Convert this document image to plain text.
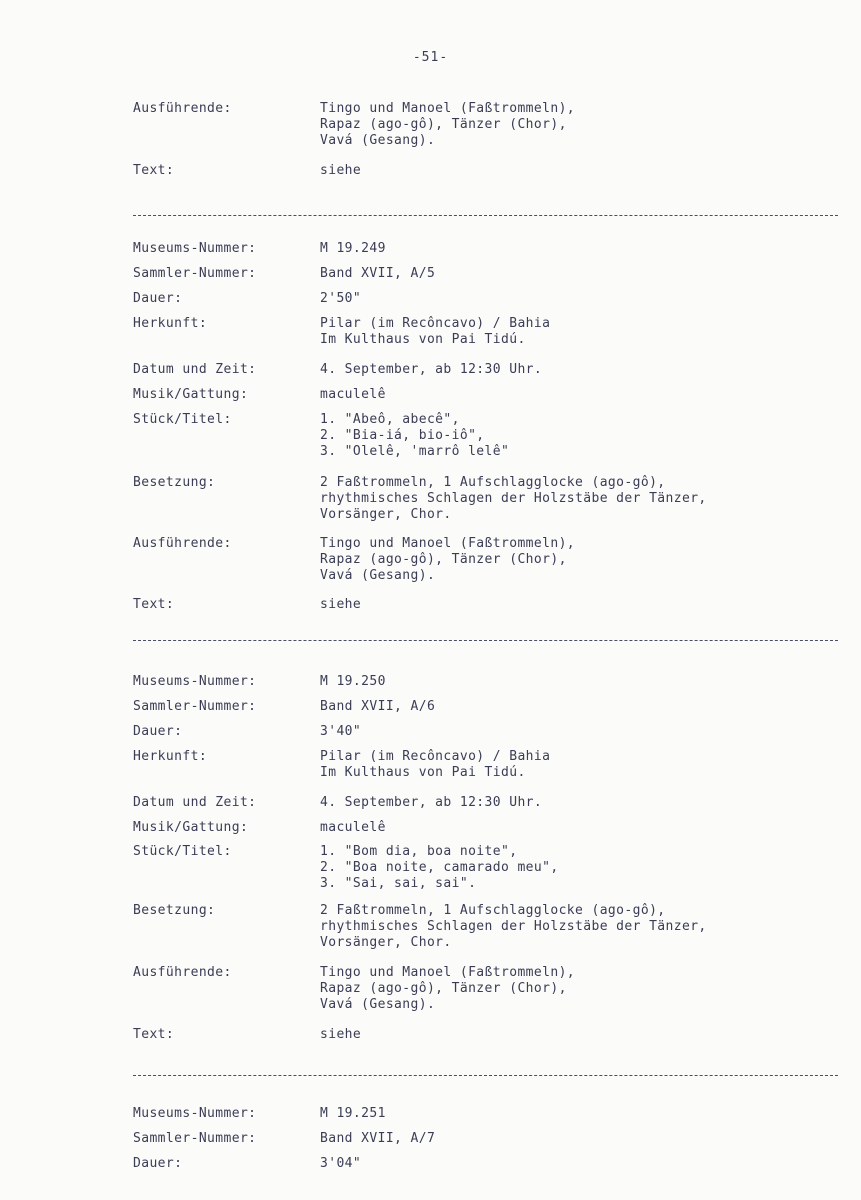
-51-
Ausführende:	Tingo und Manoel (Faßtrommeln),
Rapaz (ago-gô), Tänzer (Chor),
Vavá (Gesang).
Text:	siehe
Museums-Nummer:	M 19.249
Sammler-Nummer:	Band XVII, A/5
Dauer:	2'50"
Herkunft:	Pilar (im Recôncavo) / Bahia
Im Kulthaus von Pai Tidú.
Datum und Zeit:	4. September, ab 12:30 Uhr.
Musik/Gattung:	maculelê
Stück/Titel:	1. "Abeô, abecê",
2. "Bia-iá, bio-iô",
3. "Olelê, 'marrô lelê"
Besetzung:	2 Faßtrommeln, 1 Aufschlagglocke (ago-gô),
rhythmisches Schlagen der Holzstäbe der Tänzer,
Vorsänger, Chor.
Ausführende:	Tingo und Manoel (Faßtrommeln),
Rapaz (ago-gô), Tänzer (Chor),
Vavá (Gesang).
Text:	siehe
Museums-Nummer:	M 19.250
Sammler-Nummer:	Band XVII, A/6
Dauer:	3'40"
Herkunft:	Pilar (im Recôncavo) / Bahia
Im Kulthaus von Pai Tidú.
Datum und Zeit:	4. September, ab 12:30 Uhr.
Musik/Gattung:	maculelê
Stück/Titel:	1. "Bom dia, boa noite",
2. "Boa noite, camarado meu",
3. "Sai, sai, sai".
Besetzung:	2 Faßtrommeln, 1 Aufschlagglocke (ago-gô),
rhythmisches Schlagen der Holzstäbe der Tänzer,
Vorsänger, Chor.
Ausführende:	Tingo und Manoel (Faßtrommeln),
Rapaz (ago-gô), Tänzer (Chor),
Vavá (Gesang).
Text:	siehe
Museums-Nummer:	M 19.251
Sammler-Nummer:	Band XVII, A/7
Dauer:	3'04"
